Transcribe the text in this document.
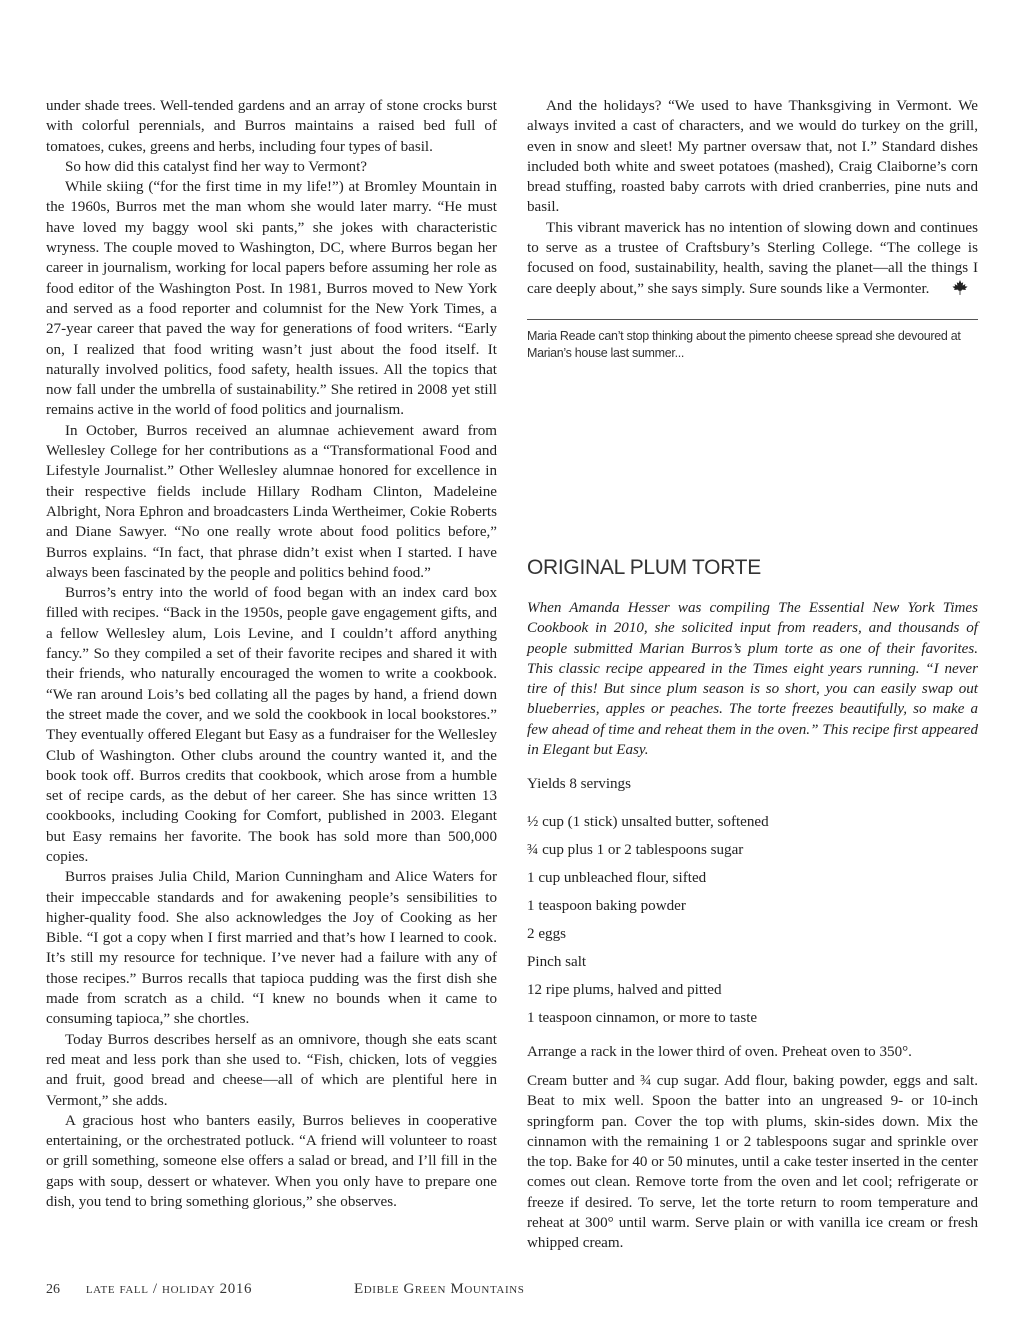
under shade trees. Well-tended gardens and an array of stone crocks burst with colorful perennials, and Burros maintains a raised bed full of tomatoes, cukes, greens and herbs, including four types of basil.

So how did this catalyst find her way to Vermont?

While skiing (“for the first time in my life!”) at Bromley Mountain in the 1960s, Burros met the man whom she would later marry. “He must have loved my baggy wool ski pants,” she jokes with characteristic wryness. The couple moved to Washington, DC, where Burros began her career in journalism, working for local papers before assuming her role as food editor of the Washington Post. In 1981, Burros moved to New York and served as a food reporter and columnist for the New York Times, a 27-year career that paved the way for generations of food writers. “Early on, I realized that food writing wasn’t just about the food itself. It naturally involved politics, food safety, health issues. All the topics that now fall under the umbrella of sustainability.” She retired in 2008 yet still remains active in the world of food politics and journalism.

In October, Burros received an alumnae achievement award from Wellesley College for her contributions as a “Transformational Food and Lifestyle Journalist.” Other Wellesley alumnae honored for excellence in their respective fields include Hillary Rodham Clinton, Madeleine Albright, Nora Ephron and broadcasters Linda Wertheimer, Cokie Roberts and Diane Sawyer. “No one really wrote about food politics before,” Burros explains. “In fact, that phrase didn’t exist when I started. I have always been fascinated by the people and politics behind food.”

Burros’s entry into the world of food began with an index card box filled with recipes. “Back in the 1950s, people gave engagement gifts, and a fellow Wellesley alum, Lois Levine, and I couldn’t afford anything fancy.” So they compiled a set of their favorite recipes and shared it with their friends, who naturally encouraged the women to write a cookbook. “We ran around Lois’s bed collating all the pages by hand, a friend down the street made the cover, and we sold the cookbook in local bookstores.” They eventually offered Elegant but Easy as a fundraiser for the Wellesley Club of Washington. Other clubs around the country wanted it, and the book took off. Burros credits that cookbook, which arose from a humble set of recipe cards, as the debut of her career. She has since written 13 cookbooks, including Cooking for Comfort, published in 2003. Elegant but Easy remains her favorite. The book has sold more than 500,000 copies.

Burros praises Julia Child, Marion Cunningham and Alice Waters for their impeccable standards and for awakening people’s sensibilities to higher-quality food. She also acknowledges the Joy of Cooking as her Bible. “I got a copy when I first married and that’s how I learned to cook. It’s still my resource for technique. I’ve never had a failure with any of those recipes.” Burros recalls that tapioca pudding was the first dish she made from scratch as a child. “I knew no bounds when it came to consuming tapioca,” she chortles.

Today Burros describes herself as an omnivore, though she eats scant red meat and less pork than she used to. “Fish, chicken, lots of veggies and fruit, good bread and cheese—all of which are plentiful here in Vermont,” she adds.

A gracious host who banters easily, Burros believes in cooperative entertaining, or the orchestrated potluck. “A friend will volunteer to roast or grill something, someone else offers a salad or bread, and I’ll fill in the gaps with soup, dessert or whatever. When you only have to prepare one dish, you tend to bring something glorious,” she observes.

And the holidays? “We used to have Thanksgiving in Vermont. We always invited a cast of characters, and we would do turkey on the grill, even in snow and sleet! My partner oversaw that, not I.” Standard dishes included both white and sweet potatoes (mashed), Craig Claiborne’s corn bread stuffing, roasted baby carrots with dried cranberries, pine nuts and basil.

This vibrant maverick has no intention of slowing down and continues to serve as a trustee of Craftsbury’s Sterling College. “The college is focused on food, sustainability, health, saving the planet—all the things I care deeply about,” she says simply. Sure sounds like a Vermonter.

Maria Reade can’t stop thinking about the pimento cheese spread she devoured at Marian’s house last summer...

ORIGINAL PLUM TORTE

When Amanda Hesser was compiling The Essential New York Times Cookbook in 2010, she solicited input from readers, and thousands of people submitted Marian Burros’s plum torte as one of their favorites. This classic recipe appeared in the Times eight years running. “I never tire of this! But since plum season is so short, you can easily swap out blueberries, apples or peaches. The torte freezes beautifully, so make a few ahead of time and reheat them in the oven.” This recipe first appeared in Elegant but Easy.

Yields 8 servings

½ cup (1 stick) unsalted butter, softened
¾ cup plus 1 or 2 tablespoons sugar
1 cup unbleached flour, sifted
1 teaspoon baking powder
2 eggs
Pinch salt
12 ripe plums, halved and pitted
1 teaspoon cinnamon, or more to taste

Arrange a rack in the lower third of oven. Preheat oven to 350°.

Cream butter and ¾ cup sugar. Add flour, baking powder, eggs and salt. Beat to mix well. Spoon the batter into an ungreased 9- or 10-inch springform pan. Cover the top with plums, skin-sides down. Mix the cinnamon with the remaining 1 or 2 tablespoons sugar and sprinkle over the top. Bake for 40 or 50 minutes, until a cake tester inserted in the center comes out clean. Remove torte from the oven and let cool; refrigerate or freeze if desired. To serve, let the torte return to room temperature and reheat at 300° until warm. Serve plain or with vanilla ice cream or fresh whipped cream.

26 late fall / holiday 2016	Edible Green Mountains
